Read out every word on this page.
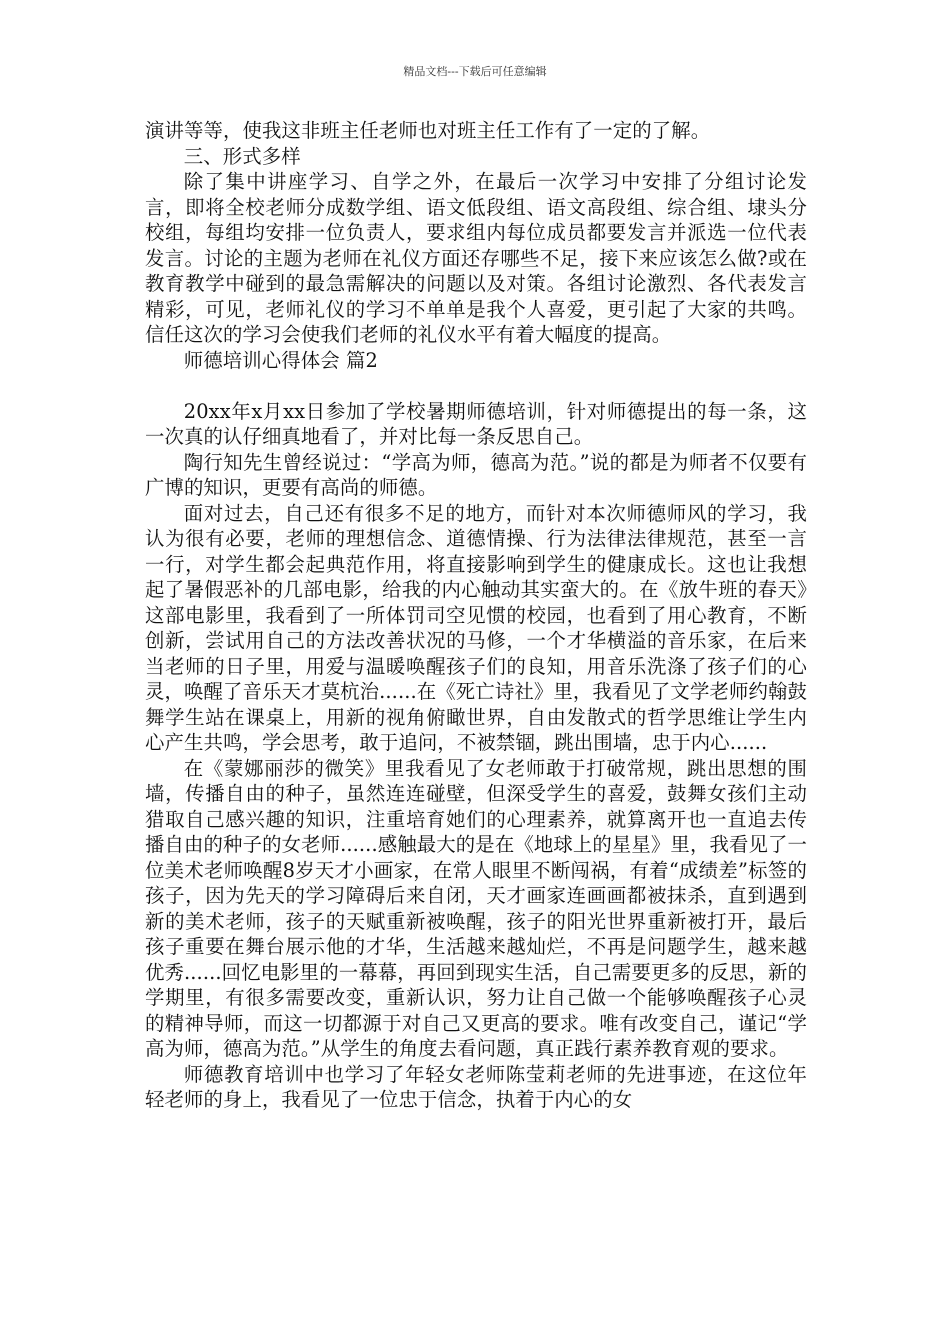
精品文档---下载后可任意编辑

演讲等等，使我这非班主任老师也对班主任工作有了一定的了解。

三、形式多样

除了集中讲座学习、自学之外，在最后一次学习中安排了分组讨论发言，即将全校老师分成数学组、语文低段组、语文高段组、综合组、埭头分校组，每组均安排一位负责人，要求组内每位成员都要发言并派选一位代表发言。讨论的主题为老师在礼仪方面还存哪些不足，接下来应该怎么做?或在教育教学中碰到的最急需解决的问题以及对策。各组讨论激烈、各代表发言精彩，可见，老师礼仪的学习不单单是我个人喜爱，更引起了大家的共鸣。信任这次的学习会使我们老师的礼仪水平有着大幅度的提高。

师德培训心得体会 篇2

20xx年x月xx日参加了学校暑期师德培训，针对师德提出的每一条，这一次真的认仔细真地看了，并对比每一条反思自己。

陶行知先生曾经说过：“学高为师，德高为范。”说的都是为师者不仅要有广博的知识，更要有高尚的师德。

面对过去，自己还有很多不足的地方，而针对本次师德师风的学习，我认为很有必要，老师的理想信念、道德情操、行为法律法律规范，甚至一言一行，对学生都会起典范作用，将直接影响到学生的健康成长。这也让我想起了暑假恶补的几部电影，给我的内心触动其实蛮大的。在《放牛班的春天》这部电影里，我看到了一所体罚司空见惯的校园，也看到了用心教育，不断创新，尝试用自己的方法改善状况的马修，一个才华横溢的音乐家，在后来当老师的日子里，用爱与温暖唤醒孩子们的良知，用音乐洗涤了孩子们的心灵，唤醒了音乐天才莫杭治......在《死亡诗社》里，我看见了文学老师约翰鼓舞学生站在课桌上，用新的视角俯瞰世界，自由发散式的哲学思维让学生内心产生共鸣，学会思考，敢于追问，不被禁锢，跳出围墙，忠于内心......

在《蒙娜丽莎的微笑》里我看见了女老师敢于打破常规，跳出思想的围墙，传播自由的种子，虽然连连碰壁，但深受学生的喜爱，鼓舞女孩们主动猎取自己感兴趣的知识，注重培育她们的心理素养，就算离开也一直追去传播自由的种子的女老师......感触最大的是在《地球上的星星》里，我看见了一位美术老师唤醒8岁天才小画家，在常人眼里不断闯祸，有着“成绩差”标签的孩子，因为先天的学习障碍后来自闭，天才画家连画画都被抹杀，直到遇到新的美术老师，孩子的天赋重新被唤醒，孩子的阳光世界重新被打开，最后孩子重要在舞台展示他的才华，生活越来越灿烂，不再是问题学生，越来越优秀......回忆电影里的一幕幕，再回到现实生活，自己需要更多的反思，新的学期里，有很多需要改变，重新认识，努力让自己做一个能够唤醒孩子心灵的精神导师，而这一切都源于对自己又更高的要求。唯有改变自己，谨记“学高为师，德高为范。”从学生的角度去看问题，真正践行素养教育观的要求。

师德教育培训中也学习了年轻女老师陈莹莉老师的先进事迹，在这位年轻老师的身上，我看见了一位忠于信念，执着于内心的女
